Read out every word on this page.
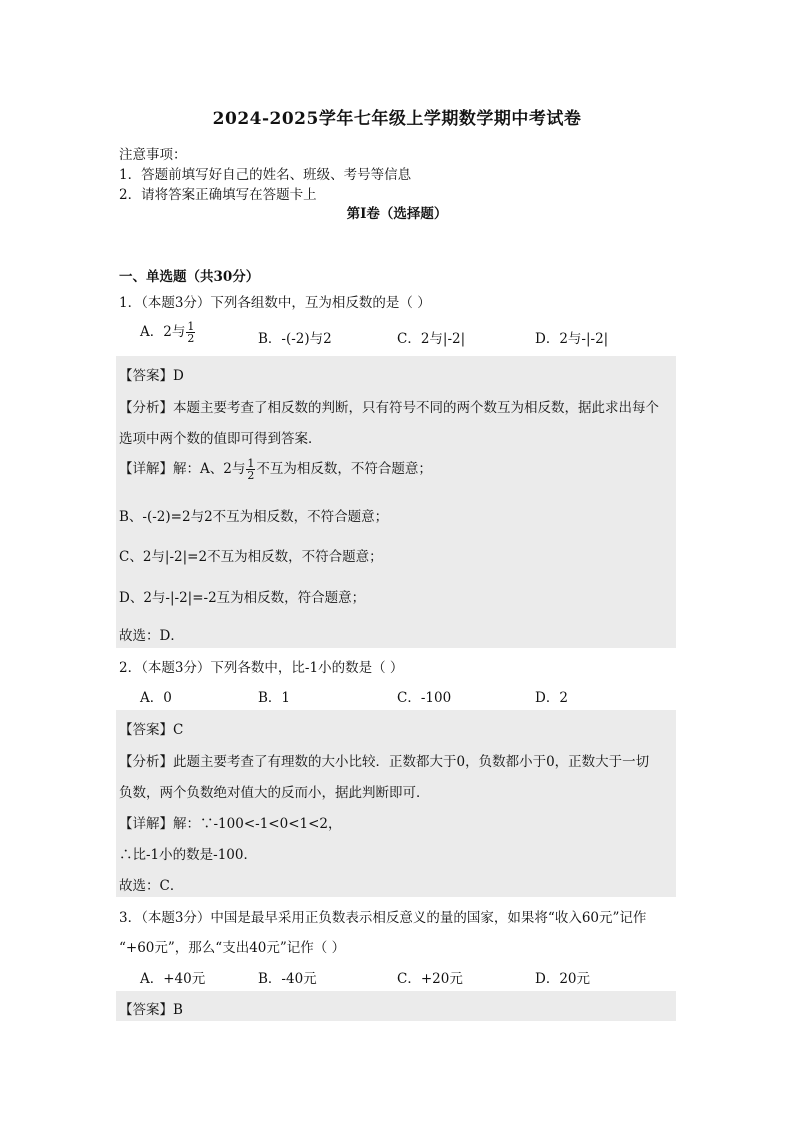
2024-2025学年七年级上学期数学期中考试卷
注意事项：
1．答题前填写好自己的姓名、班级、考号等信息
2．请将答案正确填写在答题卡上
第I卷（选择题）
一、单选题（共30分）
1．（本题3分）下列各组数中，互为相反数的是（ ）
A．2与 $\frac{1}{2}$	B．-(-2)与2	C．2与|-2|	D．2与-|-2|
【答案】D
【分析】本题主要考查了相反数的判断，只有符号不同的两个数互为相反数，据此求出每个
选项中两个数的值即可得到答案．
【详解】解：A、2与 $\frac{1}{2}$ 不互为相反数，不符合题意；
B、-(-2)=2与2不互为相反数，不符合题意；
C、2与|-2|=2不互为相反数，不符合题意；
D、2与-|-2|=-2互为相反数，符合题意；
故选：D．
2．（本题3分）下列各数中，比-1小的数是（ ）
A．0	B．1	C．-100	D．2
【答案】C
【分析】此题主要考查了有理数的大小比较．正数都大于0，负数都小于0，正数大于一切
负数，两个负数绝对值大的反而小，据此判断即可．
【详解】解：∵-100<-1<0<1<2，
∴比-1小的数是-100．
故选：C．
3．（本题3分）中国是最早采用正负数表示相反意义的量的国家，如果将“收入60元”记作
“+60元”，那么“支出40元”记作（ ）
A．+40元	B．-40元	C．+20元	D．20元
【答案】B
